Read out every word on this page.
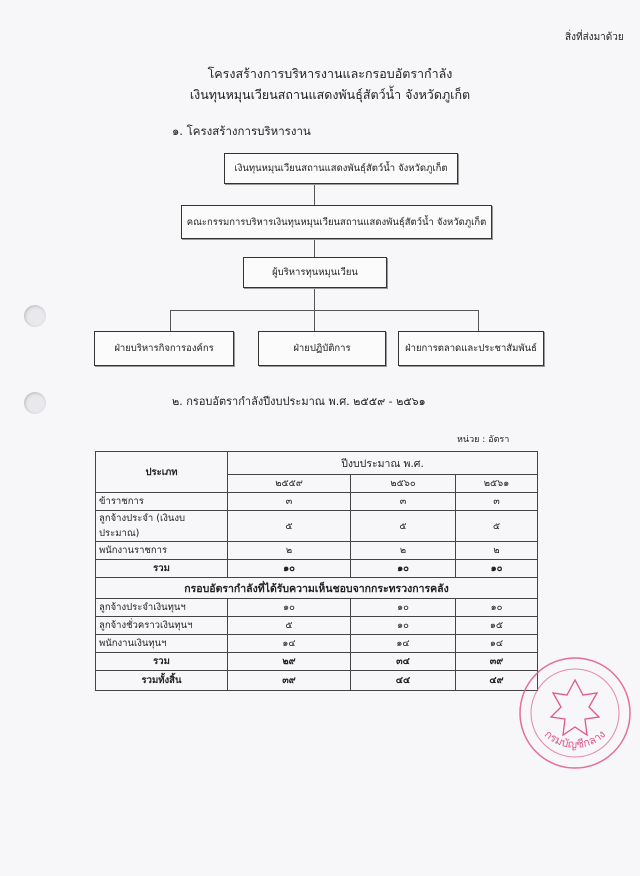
สิ่งที่ส่งมาด้วย
โครงสร้างการบริหารงานและกรอบอัตรากำลัง
เงินทุนหมุนเวียนสถานแสดงพันธุ์สัตว์น้ำ จังหวัดภูเก็ต
๑. โครงสร้างการบริหารงาน
เงินทุนหมุนเวียนสถานแสดงพันธุ์สัตว์น้ำ จังหวัดภูเก็ต
คณะกรรมการบริหารเงินทุนหมุนเวียนสถานแสดงพันธุ์สัตว์น้ำ จังหวัดภูเก็ต
ผู้บริหารทุนหมุนเวียน
ฝ่ายบริหารกิจการองค์กร	ฝ่ายปฏิบัติการ	ฝ่ายการตลาดและประชาสัมพันธ์
๒. กรอบอัตรากำลังปีงบประมาณ พ.ศ. ๒๕๕๙ - ๒๕๖๑
หน่วย : อัตรา
ประเภท	ปีงบประมาณ พ.ศ.		
	๒๕๕๙	๒๕๖๐	๒๕๖๑
ข้าราชการ	๓	๓	๓
ลูกจ้างประจำ (เงินงบประมาณ)	๕	๕	๕
พนักงานราชการ	๒	๒	๒
รวม	๑๐	๑๐	๑๐
กรอบอัตรากำลังที่ได้รับความเห็นชอบจากกระทรวงการคลัง			
ลูกจ้างประจำเงินทุนฯ	๑๐	๑๐	๑๐
ลูกจ้างชั่วคราวเงินทุนฯ	๕	๑๐	๑๕
พนักงานเงินทุนฯ	๑๔	๑๔	๑๔
รวม	๒๙	๓๔	๓๙
รวมทั้งสิ้น	๓๙	๔๔	๔๙
กรมบัญชีกลาง
